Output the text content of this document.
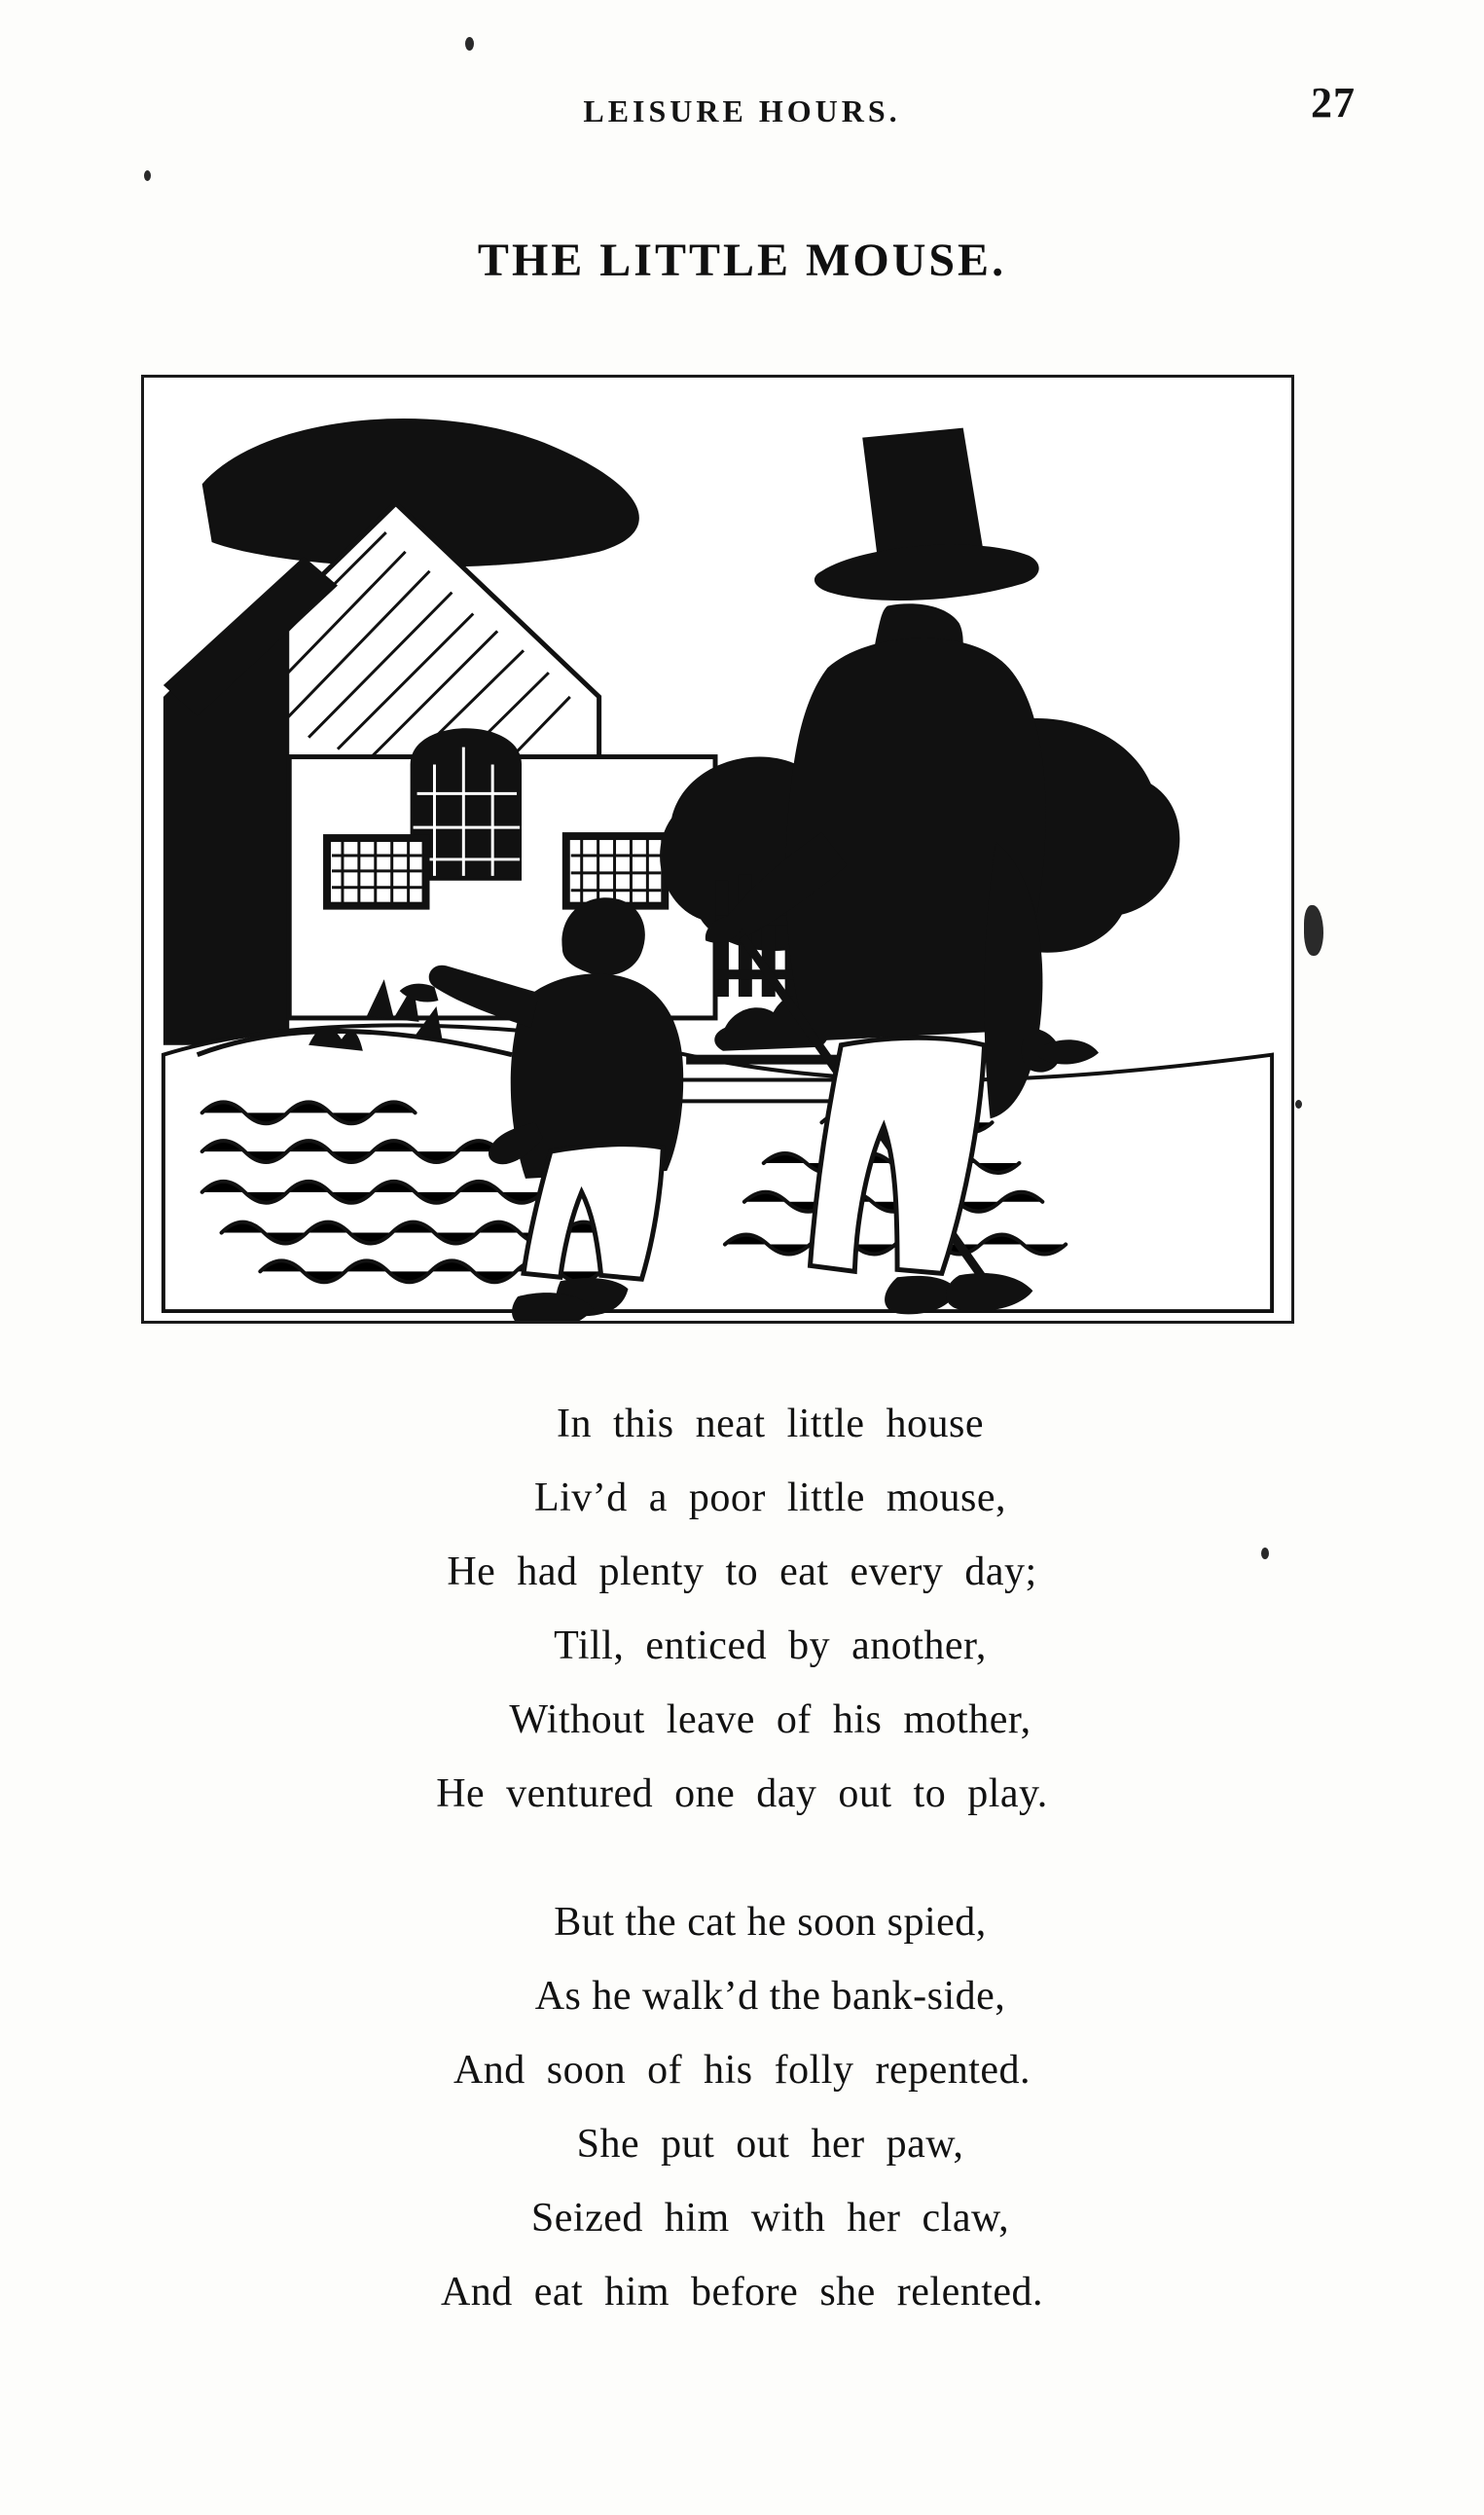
LEISURE HOURS.	27
THE LITTLE MOUSE.
In  this  neat  little  house
Liv’d  a  poor  little  mouse,
He  had  plenty  to  eat  every  day;
Till,  enticed  by  another,
Without  leave  of  his  mother,
He  ventured  one  day  out  to  play.
But the cat he soon spied,
As he walk’d the bank-side,
And  soon  of  his  folly  repented.
She  put  out  her  paw,
Seized  him  with  her  claw,
And  eat  him  before  she  relented.
